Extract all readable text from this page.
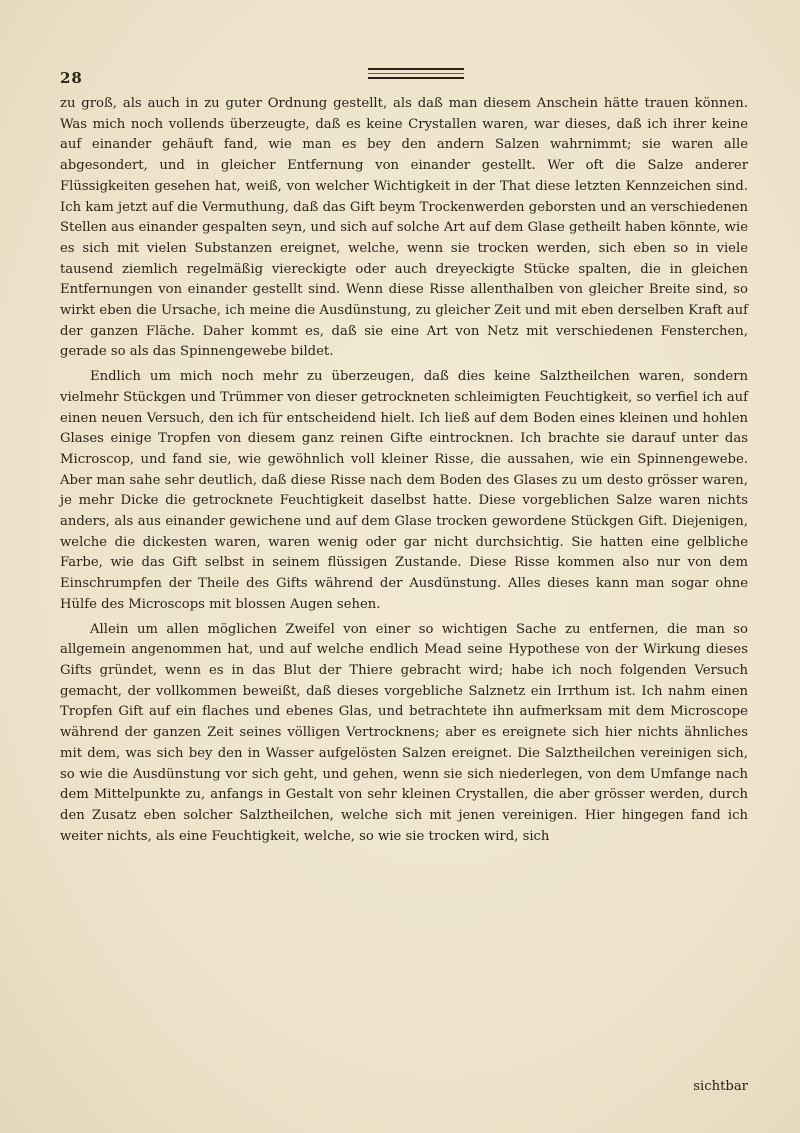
28

zu groß, als auch in zu guter Ordnung gestellt, als daß man diesem Anschein hätte trauen können. Was mich noch vollends überzeugte, daß es keine Crystallen waren, war dieses, daß ich ihrer keine auf einander gehäuft fand, wie man es bey den andern Salzen wahrnimmt; sie waren alle abgesondert, und in gleicher Entfernung von einander gestellt. Wer oft die Salze anderer Flüssigkeiten gesehen hat, weiß, von welcher Wichtigkeit in der That diese letzten Kennzeichen sind. Ich kam jetzt auf die Vermuthung, daß das Gift beym Trockenwerden geborsten und an verschiedenen Stellen aus einander gespalten seyn, und sich auf solche Art auf dem Glase getheilt haben könnte, wie es sich mit vielen Substanzen ereignet, welche, wenn sie trocken werden, sich eben so in viele tausend ziemlich regelmäßig viereckigte oder auch dreyeckigte Stücke spalten, die in gleichen Entfernungen von einander gestellt sind. Wenn diese Risse allenthalben von gleicher Breite sind, so wirkt eben die Ursache, ich meine die Ausdünstung, zu gleicher Zeit und mit eben derselben Kraft auf der ganzen Fläche. Daher kommt es, daß sie eine Art von Netz mit verschiedenen Fensterchen, gerade so als das Spinnengewebe bildet.

Endlich um mich noch mehr zu überzeugen, daß dies keine Salztheilchen waren, sondern vielmehr Stückgen und Trümmer von dieser getrockneten schleimigten Feuchtigkeit, so verfiel ich auf einen neuen Versuch, den ich für entscheidend hielt. Ich ließ auf dem Boden eines kleinen und hohlen Glases einige Tropfen von diesem ganz reinen Gifte eintrocknen. Ich brachte sie darauf unter das Microscop, und fand sie, wie gewöhnlich voll kleiner Risse, die aussahen, wie ein Spinnengewebe. Aber man sahe sehr deutlich, daß diese Risse nach dem Boden des Glases zu um desto grösser waren, je mehr Dicke die getrocknete Feuchtigkeit daselbst hatte. Diese vorgeblichen Salze waren nichts anders, als aus einander gewichene und auf dem Glase trocken gewordene Stückgen Gift. Diejenigen, welche die dickesten waren, waren wenig oder gar nicht durchsichtig. Sie hatten eine gelbliche Farbe, wie das Gift selbst in seinem flüssigen Zustande. Diese Risse kommen also nur von dem Einschrumpfen der Theile des Gifts während der Ausdünstung. Alles dieses kann man sogar ohne Hülfe des Microscops mit blossen Augen sehen.

Allein um allen möglichen Zweifel von einer so wichtigen Sache zu entfernen, die man so allgemein angenommen hat, und auf welche endlich Mead seine Hypothese von der Wirkung dieses Gifts gründet, wenn es in das Blut der Thiere gebracht wird; habe ich noch folgenden Versuch gemacht, der vollkommen beweißt, daß dieses vorgebliche Salznetz ein Irrthum ist. Ich nahm einen Tropfen Gift auf ein flaches und ebenes Glas, und betrachtete ihn aufmerksam mit dem Microscope während der ganzen Zeit seines völligen Vertrocknens; aber es ereignete sich hier nichts ähnliches mit dem, was sich bey den in Wasser aufgelösten Salzen ereignet. Die Salztheilchen vereinigen sich, so wie die Ausdünstung vor sich geht, und gehen, wenn sie sich niederlegen, von dem Umfange nach dem Mittelpunkte zu, anfangs in Gestalt von sehr kleinen Crystallen, die aber grösser werden, durch den Zusatz eben solcher Salztheilchen, welche sich mit jenen vereinigen. Hier hingegen fand ich weiter nichts, als eine Feuchtigkeit, welche, so wie sie trocken wird, sich

sichtbar
